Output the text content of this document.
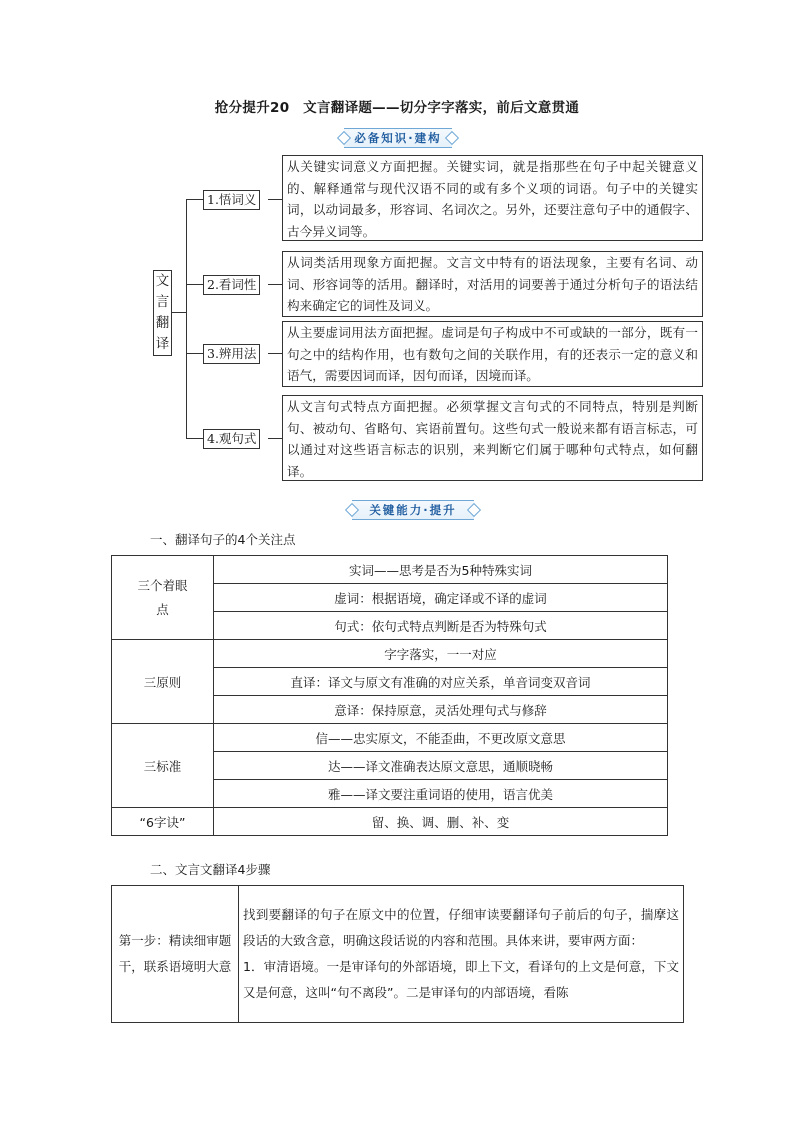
抢分提升20　文言翻译题——切分字字落实，前后文意贯通
必备知识·建构
文
言
翻
译
1.悟词义
从关键实词意义方面把握。关键实词，就是指那些在句子中起关键意义的、解释通常与现代汉语不同的或有多个义项的词语。句子中的关键实词，以动词最多，形容词、名词次之。另外，还要注意句子中的通假字、古今异义词等。
2.看词性
从词类活用现象方面把握。文言文中特有的语法现象，主要有名词、动词、形容词等的活用。翻译时，对活用的词要善于通过分析句子的语法结构来确定它的词性及词义。
3.辨用法
从主要虚词用法方面把握。虚词是句子构成中不可或缺的一部分，既有一句之中的结构作用，也有数句之间的关联作用，有的还表示一定的意义和语气，需要因词而译，因句而译，因境而译。
4.观句式
从文言句式特点方面把握。必须掌握文言句式的不同特点，特别是判断句、被动句、省略句、宾语前置句。这些句式一般说来都有语言标志，可以通过对这些语言标志的识别，来判断它们属于哪种句式特点，如何翻译。
关键能力·提升
一、翻译句子的4个关注点
三个着眼点	实词——思考是否为5种特殊实词
	虚词：根据语境，确定译或不译的虚词
	句式：依句式特点判断是否为特殊句式
三原则	字字落实，一一对应
	直译：译文与原文有准确的对应关系，单音词变双音词
	意译：保持原意，灵活处理句式与修辞
三标准	信——忠实原文，不能歪曲，不更改原文意思
	达——译文准确表达原文意思，通顺晓畅
	雅——译文要注重词语的使用，语言优美
“6字诀”	留、换、调、删、补、变
二、文言文翻译4步骤
第一步：精读细审题干，联系语境明大意	
找到要翻译的句子在原文中的位置，仔细审读要翻译句子前后的句子，揣摩这段话的大致含意，明确这段话说的内容和范围。具体来讲，要审两方面：
1．审清语境。一是审译句的外部语境，即上下文，看译句的上文是何意，下文又是何意，这叫“句不离段”。二是审译句的内部语境，看陈
